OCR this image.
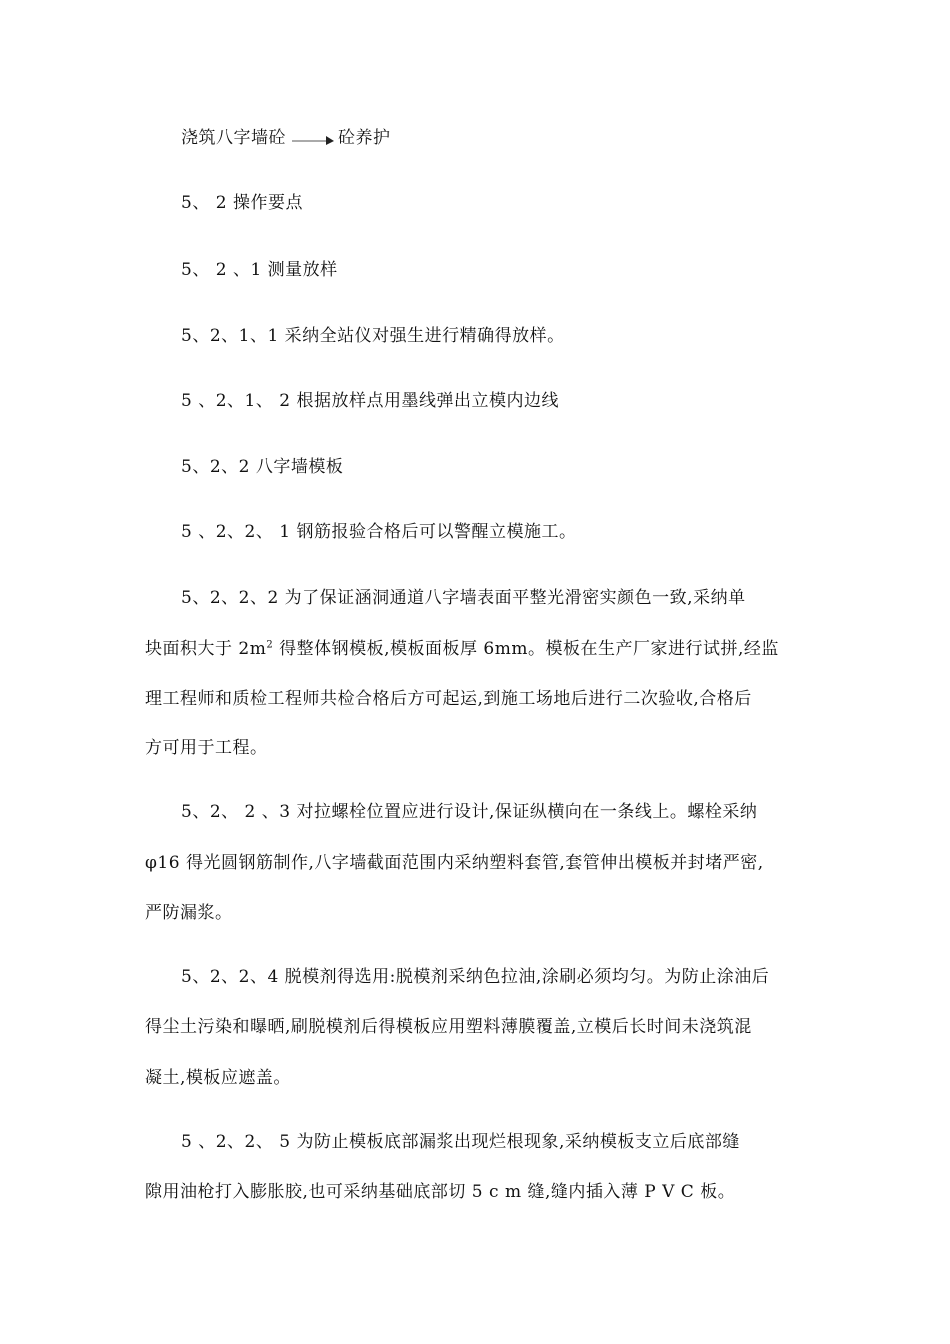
浇筑八字墙砼	砼养护
5、 2 操作要点
5、 2 、1 测量放样
5、2、1、1 采纳全站仪对强生进行精确得放样。
5 、2、1、 2 根据放样点用墨线弹出立模内边线
5、2、2 八字墙模板
5 、2、2、 1 钢筋报验合格后可以警醒立模施工。
5、2、2、2 为了保证涵洞通道八字墙表面平整光滑密实颜色一致,采纳单
块面积大于 $2m^2$ 得整体钢模板,模板面板厚 6mm。模板在生产厂家进行试拼,经监
理工程师和质检工程师共检合格后方可起运,到施工场地后进行二次验收,合格后
方可用于工程。
5、2、 2 、3 对拉螺栓位置应进行设计,保证纵横向在一条线上。螺栓采纳
φ16 得光圆钢筋制作,八字墙截面范围内采纳塑料套管,套管伸出模板并封堵严密,
严防漏浆。
5、2、2、4 脱模剂得选用:脱模剂采纳色拉油,涂刷必须均匀。为防止涂油后
得尘土污染和曝晒,刷脱模剂后得模板应用塑料薄膜覆盖,立模后长时间未浇筑混
凝土,模板应遮盖。
5 、2、2、 5 为防止模板底部漏浆出现烂根现象,采纳模板支立后底部缝
隙用油枪打入膨胀胶,也可采纳基础底部切 5 c m 缝,缝内插入薄 P V C 板。
